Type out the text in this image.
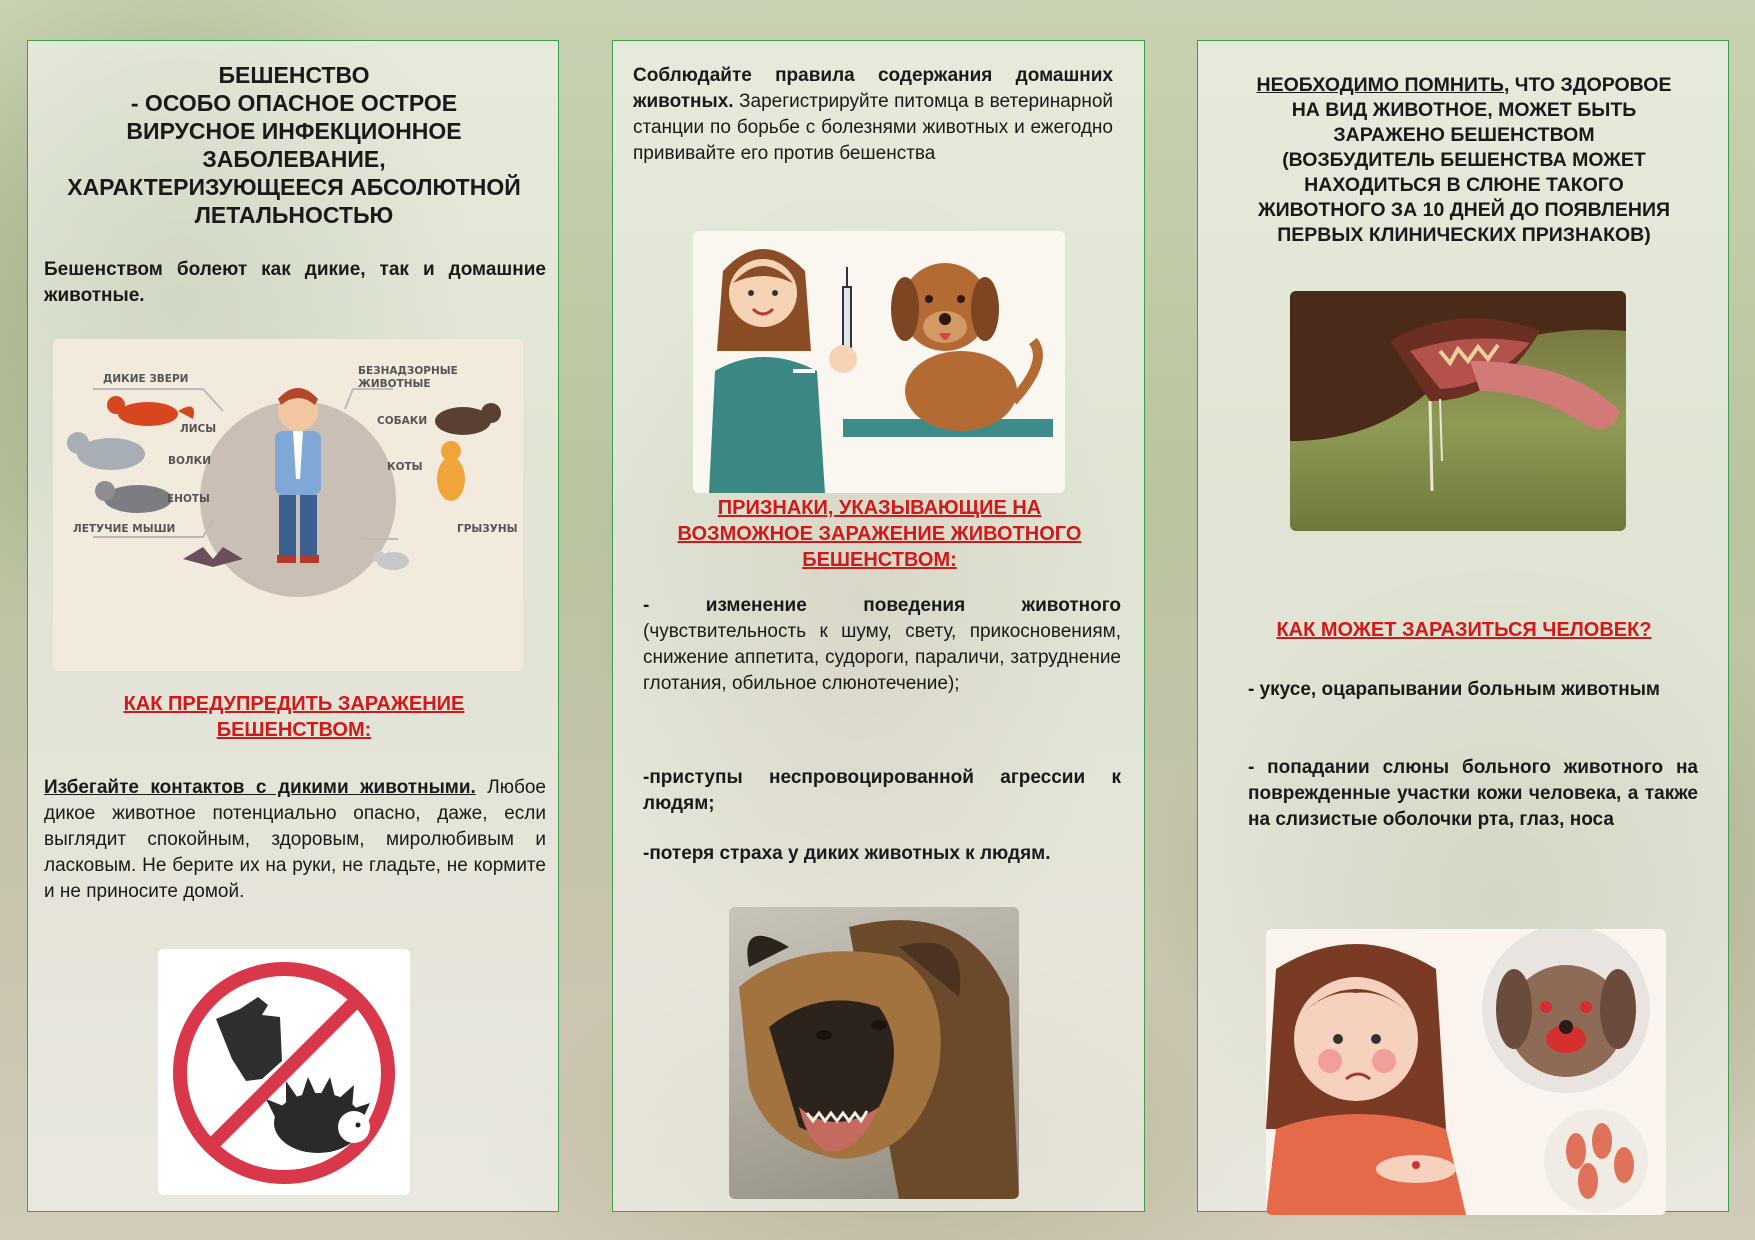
БЕШЕНСТВО
- ОСОБО ОПАСНОЕ ОСТРОЕ
ВИРУСНОЕ ИНФЕКЦИОННОЕ
ЗАБОЛЕВАНИЕ,
ХАРАКТЕРИЗУЮЩЕЕСЯ АБСОЛЮТНОЙ
ЛЕТАЛЬНОСТЬЮ
Бешенством болеют как дикие, так и домашние животные.
ДИКИЕ ЗВЕРИ
ЛИСЫ
ВОЛКИ
ЕНОТЫ
ЛЕТУЧИЕ МЫШИ
БЕЗНАДЗОРНЫЕ ЖИВОТНЫЕ
СОБАКИ
КОТЫ
ГРЫЗУНЫ
КАК ПРЕДУПРЕДИТЬ ЗАРАЖЕНИЕ
БЕШЕНСТВОМ:
Избегайте контактов с дикими животными. Любое дикое животное потенциально опасно, даже, если выглядит спокойным, здоровым, миролюбивым и ласковым. Не берите их на руки, не гладьте, не кормите и не приносите домой.
Соблюдайте правила содержания домашних животных. Зарегистрируйте питомца в ветеринарной станции по борьбе с болезнями животных и ежегодно прививайте его против бешенства
ПРИЗНАКИ, УКАЗЫВАЮЩИЕ НА
ВОЗМОЖНОЕ ЗАРАЖЕНИЕ ЖИВОТНОГО
БЕШЕНСТВОМ:
- изменение поведения животного (чувствительность к шуму, свету, прикосновениям, снижение аппетита, судороги, параличи, затруднение глотания, обильное слюнотечение);
-приступы неспровоцированной агрессии к людям;
-потеря страха у диких животных к людям.
НЕОБХОДИМО ПОМНИТЬ, ЧТО ЗДОРОВОЕ
НА ВИД ЖИВОТНОЕ, МОЖЕТ БЫТЬ
ЗАРАЖЕНО БЕШЕНСТВОМ
(ВОЗБУДИТЕЛЬ БЕШЕНСТВА МОЖЕТ
НАХОДИТЬСЯ В СЛЮНЕ ТАКОГО
ЖИВОТНОГО ЗА 10 ДНЕЙ ДО ПОЯВЛЕНИЯ
ПЕРВЫХ КЛИНИЧЕСКИХ ПРИЗНАКОВ)
КАК МОЖЕТ ЗАРАЗИТЬСЯ ЧЕЛОВЕК?
- укусе, оцарапывании больным животным
- попадании слюны больного животного на поврежденные участки кожи человека, а также на слизистые оболочки рта, глаз, носа
